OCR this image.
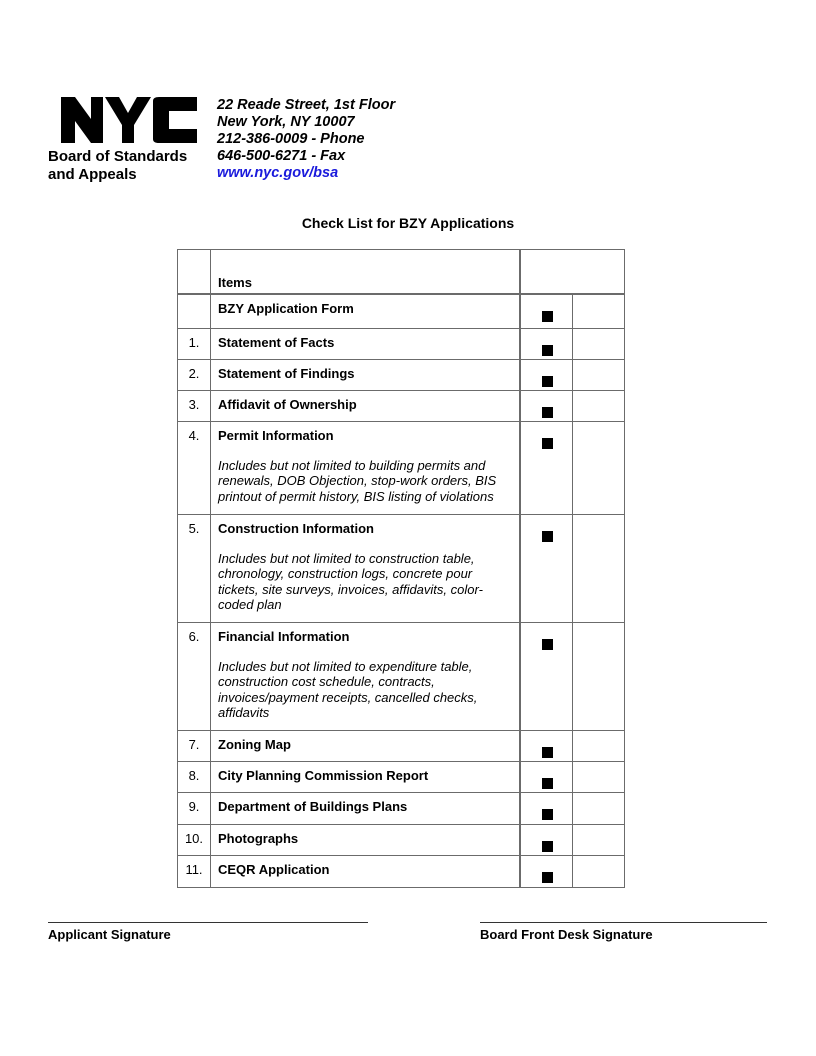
Board of Standards
and Appeals
22 Reade Street, 1st Floor
New York, NY 10007
212-386-0009 - Phone
646-500-6271 - Fax
www.nyc.gov/bsa
Check List for BZY Applications
	Items		

	BZY Application Form		

1.	Statement of Facts		

2.	Statement of Findings		

3.	Affidavit of Ownership		

4.	Permit Information
Includes but not limited to building permits and renewals, DOB Objection, stop-work orders, BIS printout of permit history, BIS listing of violations		

5.	Construction Information
Includes but not limited to construction table, chronology, construction logs, concrete pour tickets, site surveys, invoices, affidavits, color-coded plan		

6.	Financial Information
Includes but not limited to expenditure table, construction cost schedule, contracts, invoices/payment receipts, cancelled checks, affidavits		

7.	Zoning Map		

8.	City Planning Commission Report		

9.	Department of Buildings Plans		

10.	Photographs		

11.	CEQR Application		

Applicant Signature	Board Front Desk Signature
